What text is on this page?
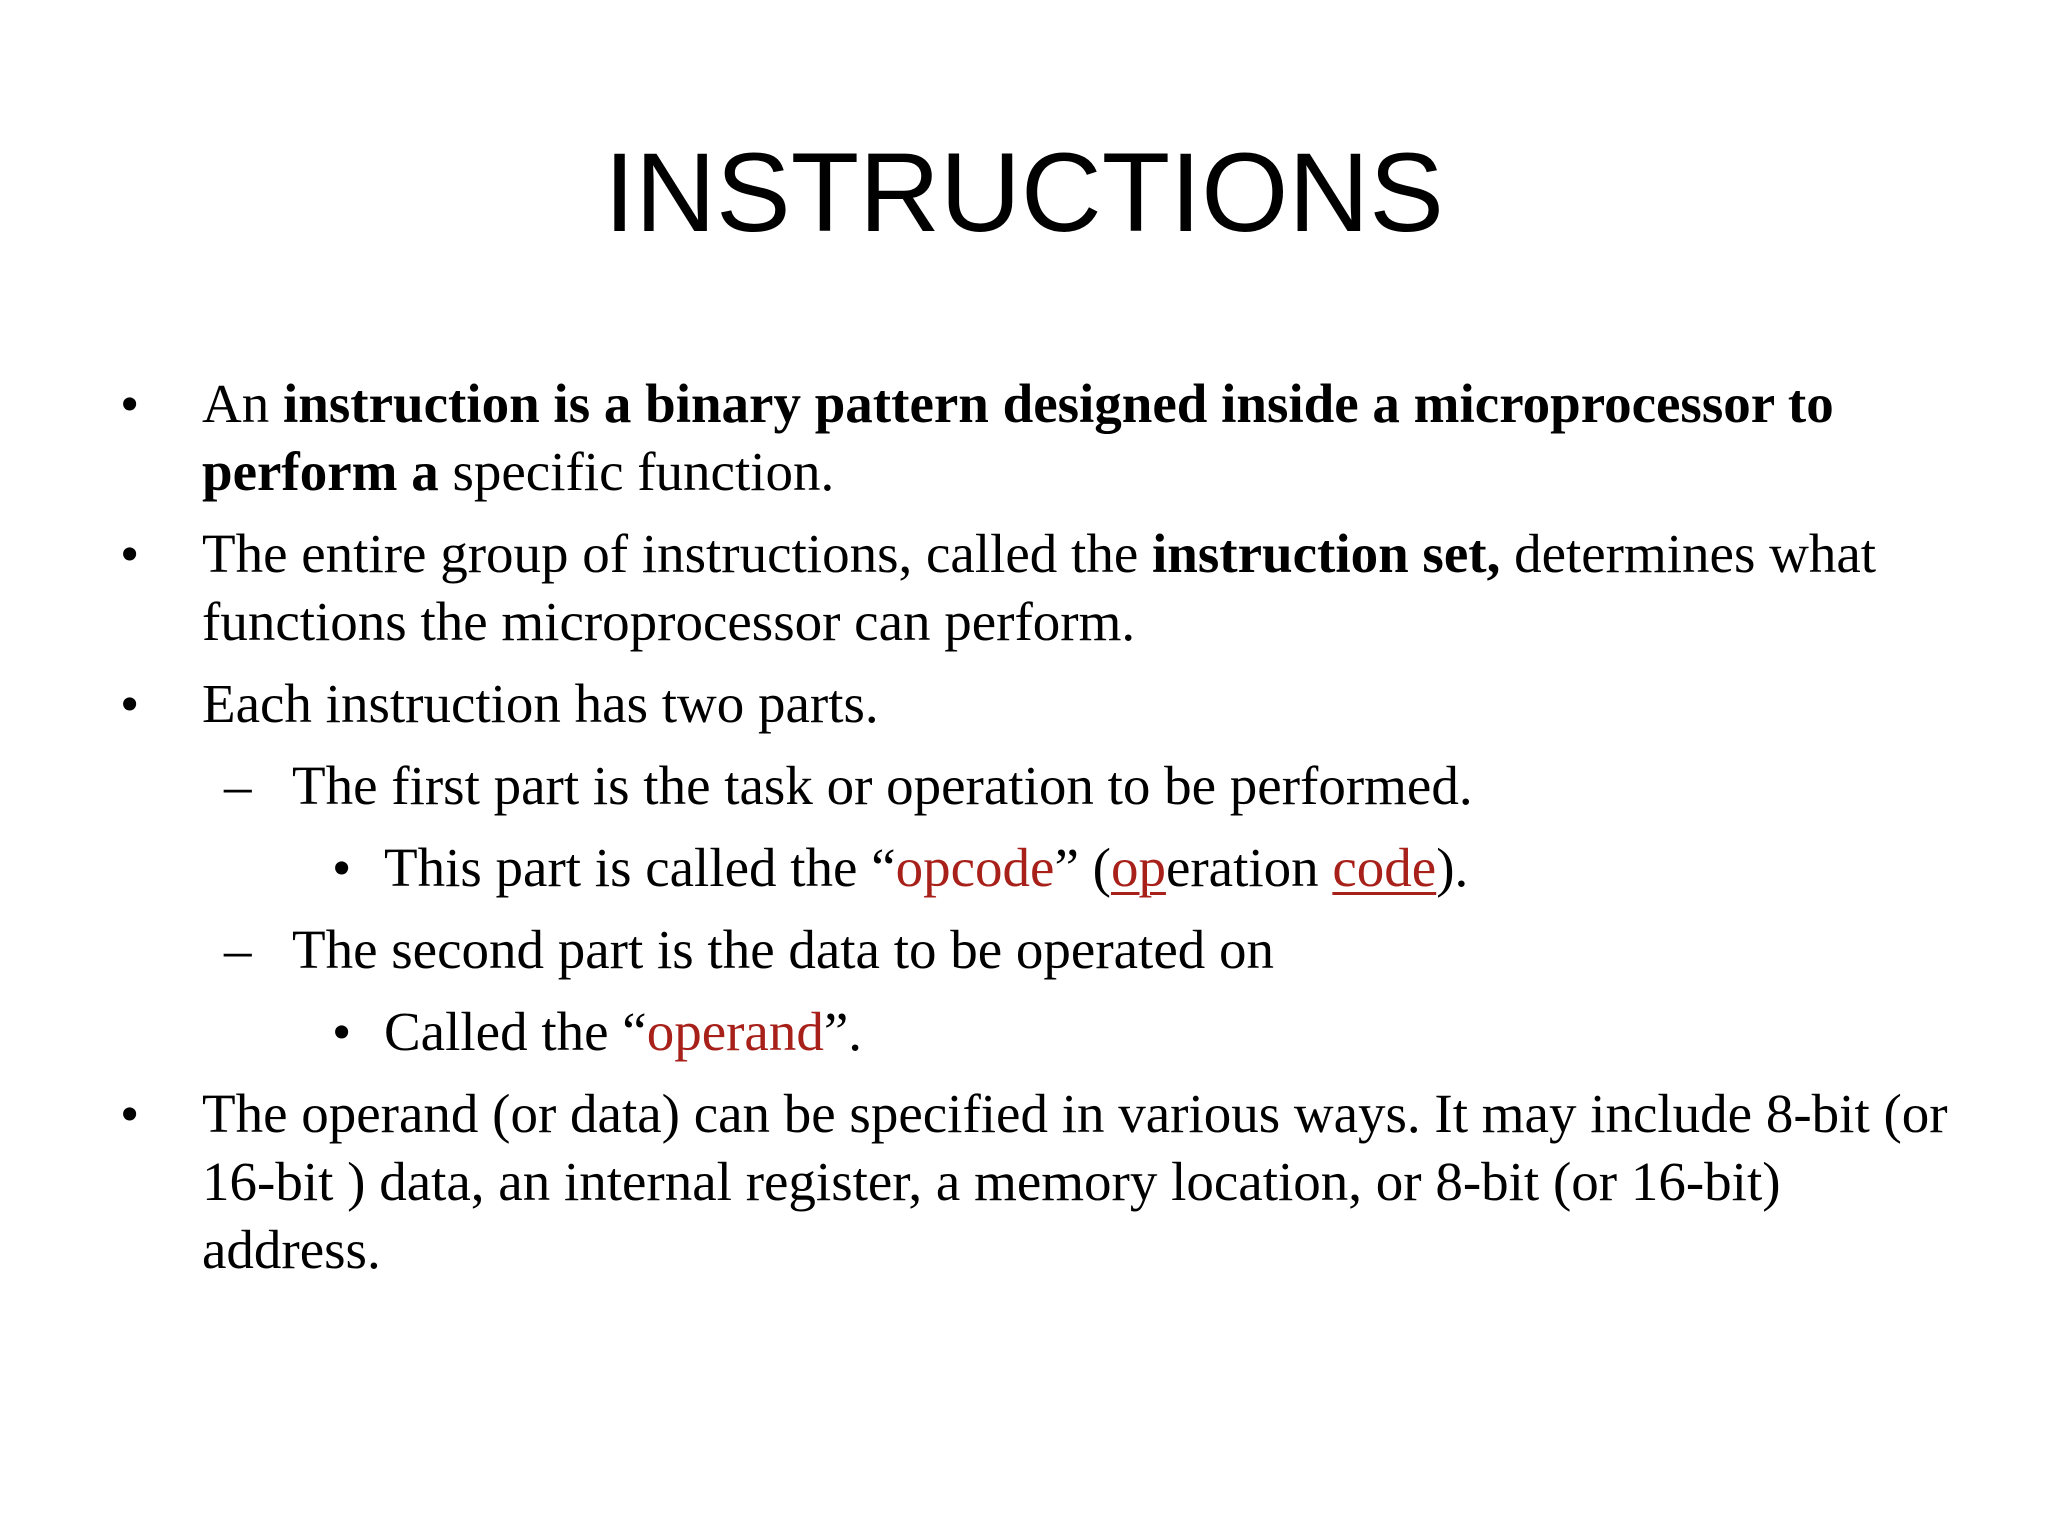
INSTRUCTIONS

• An instruction is a binary pattern designed inside a microprocessor to perform a specific function.

• The entire group of instructions, called the instruction set, determines what functions the microprocessor can perform.

• Each instruction has two parts.

– The first part is the task or operation to be performed.

• This part is called the “opcode” (operation code).

– The second part is the data to be operated on

• Called the “operand”.

• The operand (or data) can be specified in various ways. It may include 8-bit (or 16-bit ) data, an internal register, a memory location, or 8-bit (or 16-bit) address.
